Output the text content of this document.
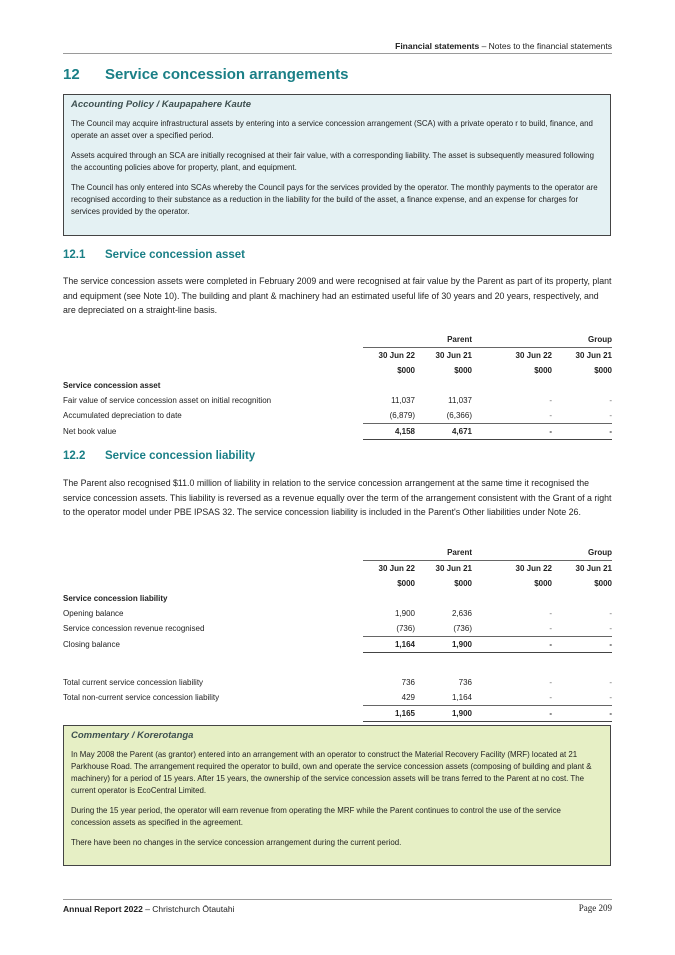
Financial statements – Notes to the financial statements
12 Service concession arrangements
Accounting Policy / Kaupapahere Kaute
The Council may acquire infrastructural assets by entering into a service concession arrangement (SCA) with a private operato r to build, finance, and operate an asset over a specified period.
Assets acquired through an SCA are initially recognised at their fair value, with a corresponding liability. The asset is subsequently measured following the accounting policies above for property, plant, and equipment.
The Council has only entered into SCAs whereby the Council pays for the services provided by the operator. The monthly payments to the operator are recognised according to their substance as a reduction in the liability for the build of the asset, a finance expense, and an expense for charges for services provided by the operator.
12.1 Service concession asset
The service concession assets were completed in February 2009 and were recognised at fair value by the Parent as part of its property, plant and equipment (see Note 10). The building and plant & machinery had an estimated useful life of 30 years and 20 years, respectively, and are depreciated on a straight-line basis.
		Parent		Group
	30 Jun 22	30 Jun 21	30 Jun 22	30 Jun 21
	$000	$000	$000	$000
Service concession asset				
Fair value of service concession asset on initial recognition	11,037	11,037	-	-
Accumulated depreciation to date	(6,879)	(6,366)	-	-
Net book value	4,158	4,671	-	-
12.2 Service concession liability
The Parent also recognised $11.0 million of liability in relation to the service concession arrangement at the same time it recognised the service concession assets. This liability is reversed as a revenue equally over the term of the arrangement consistent with the Grant of a right to the operator model under PBE IPSAS 32. The service concession liability is included in the Parent's Other liabilities under Note 26.
		Parent		Group
	30 Jun 22	30 Jun 21	30 Jun 22	30 Jun 21
	$000	$000	$000	$000
Service concession liability				
Opening balance	1,900	2,636	-	-
Service concession revenue recognised	(736)	(736)	-	-
Closing balance	1,164	1,900	-	-

Total current service concession liability	736	736	-	-
Total non-current service concession liability	429	1,164	-	-
	1,165	1,900	-	-
Commentary / Korerotanga
In May 2008 the Parent (as grantor) entered into an arrangement with an operator to construct the Material Recovery Facility (MRF) located at 21 Parkhouse Road. The arrangement required the operator to build, own and operate the service concession assets (composing of building and plant & machinery) for a period of 15 years. After 15 years, the ownership of the service concession assets will be trans ferred to the Parent at no cost. The current operator is EcoCentral Limited.
During the 15 year period, the operator will earn revenue from operating the MRF while the Parent continues to control the use of the service concession assets as specified in the agreement.
There have been no changes in the service concession arrangement during the current period.
Annual Report 2022 – Christchurch Ōtautahi	Page 209
